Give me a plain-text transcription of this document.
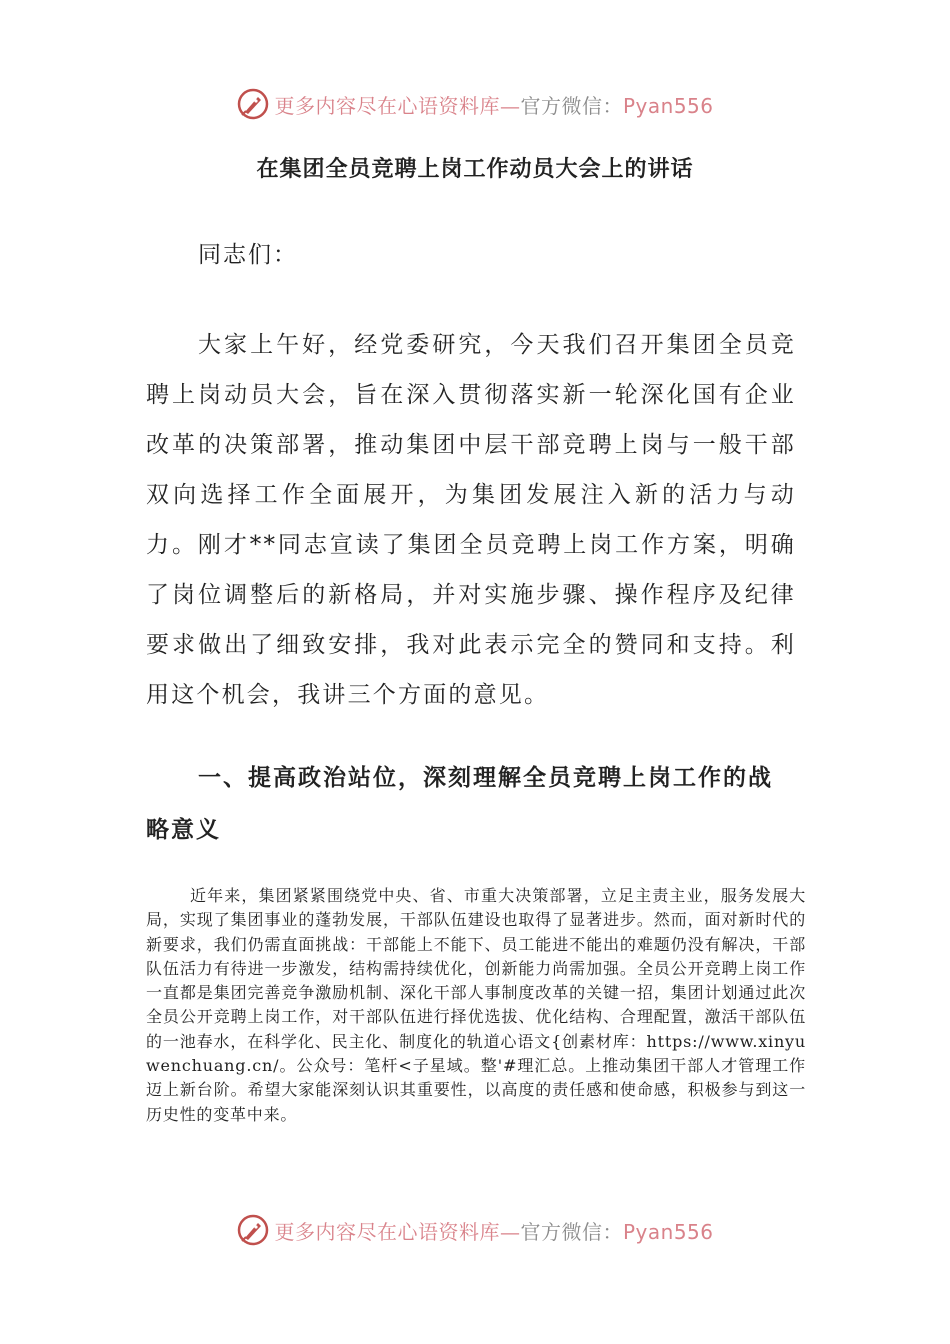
更多内容尽在心语资料库—官方微信：Pyan556
在集团全员竞聘上岗工作动员大会上的讲话
同志们：
大家上午好，经党委研究，今天我们召开集团全员竞聘上岗动员大会，旨在深入贯彻落实新一轮深化国有企业改革的决策部署，推动集团中层干部竞聘上岗与一般干部双向选择工作全面展开，为集团发展注入新的活力与动力。刚才**同志宣读了集团全员竞聘上岗工作方案，明确了岗位调整后的新格局，并对实施步骤、操作程序及纪律要求做出了细致安排，我对此表示完全的赞同和支持。利用这个机会，我讲三个方面的意见。
一、提高政治站位，深刻理解全员竞聘上岗工作的战略意义
近年来，集团紧紧围绕党中央、省、市重大决策部署，立足主责主业，服务发展大局，实现了集团事业的蓬勃发展，干部队伍建设也取得了显著进步。然而，面对新时代的新要求，我们仍需直面挑战：干部能上不能下、员工能进不能出的难题仍没有解决，干部队伍活力有待进一步激发，结构需持续优化，创新能力尚需加强。全员公开竞聘上岗工作一直都是集团完善竞争激励机制、深化干部人事制度改革的关键一招，集团计划通过此次全员公开竞聘上岗工作，对干部队伍进行择优选拔、优化结构、合理配置，激活干部队伍的一池春水，在科学化、民主化、制度化的轨道心语文{创素材库：https://www.xinyuwenchuang.cn/。公众号：笔杆<子星域。整'#理汇总。上推动集团干部人才管理工作迈上新台阶。希望大家能深刻认识其重要性，以高度的责任感和使命感，积极参与到这一历史性的变革中来。
更多内容尽在心语资料库—官方微信：Pyan556
